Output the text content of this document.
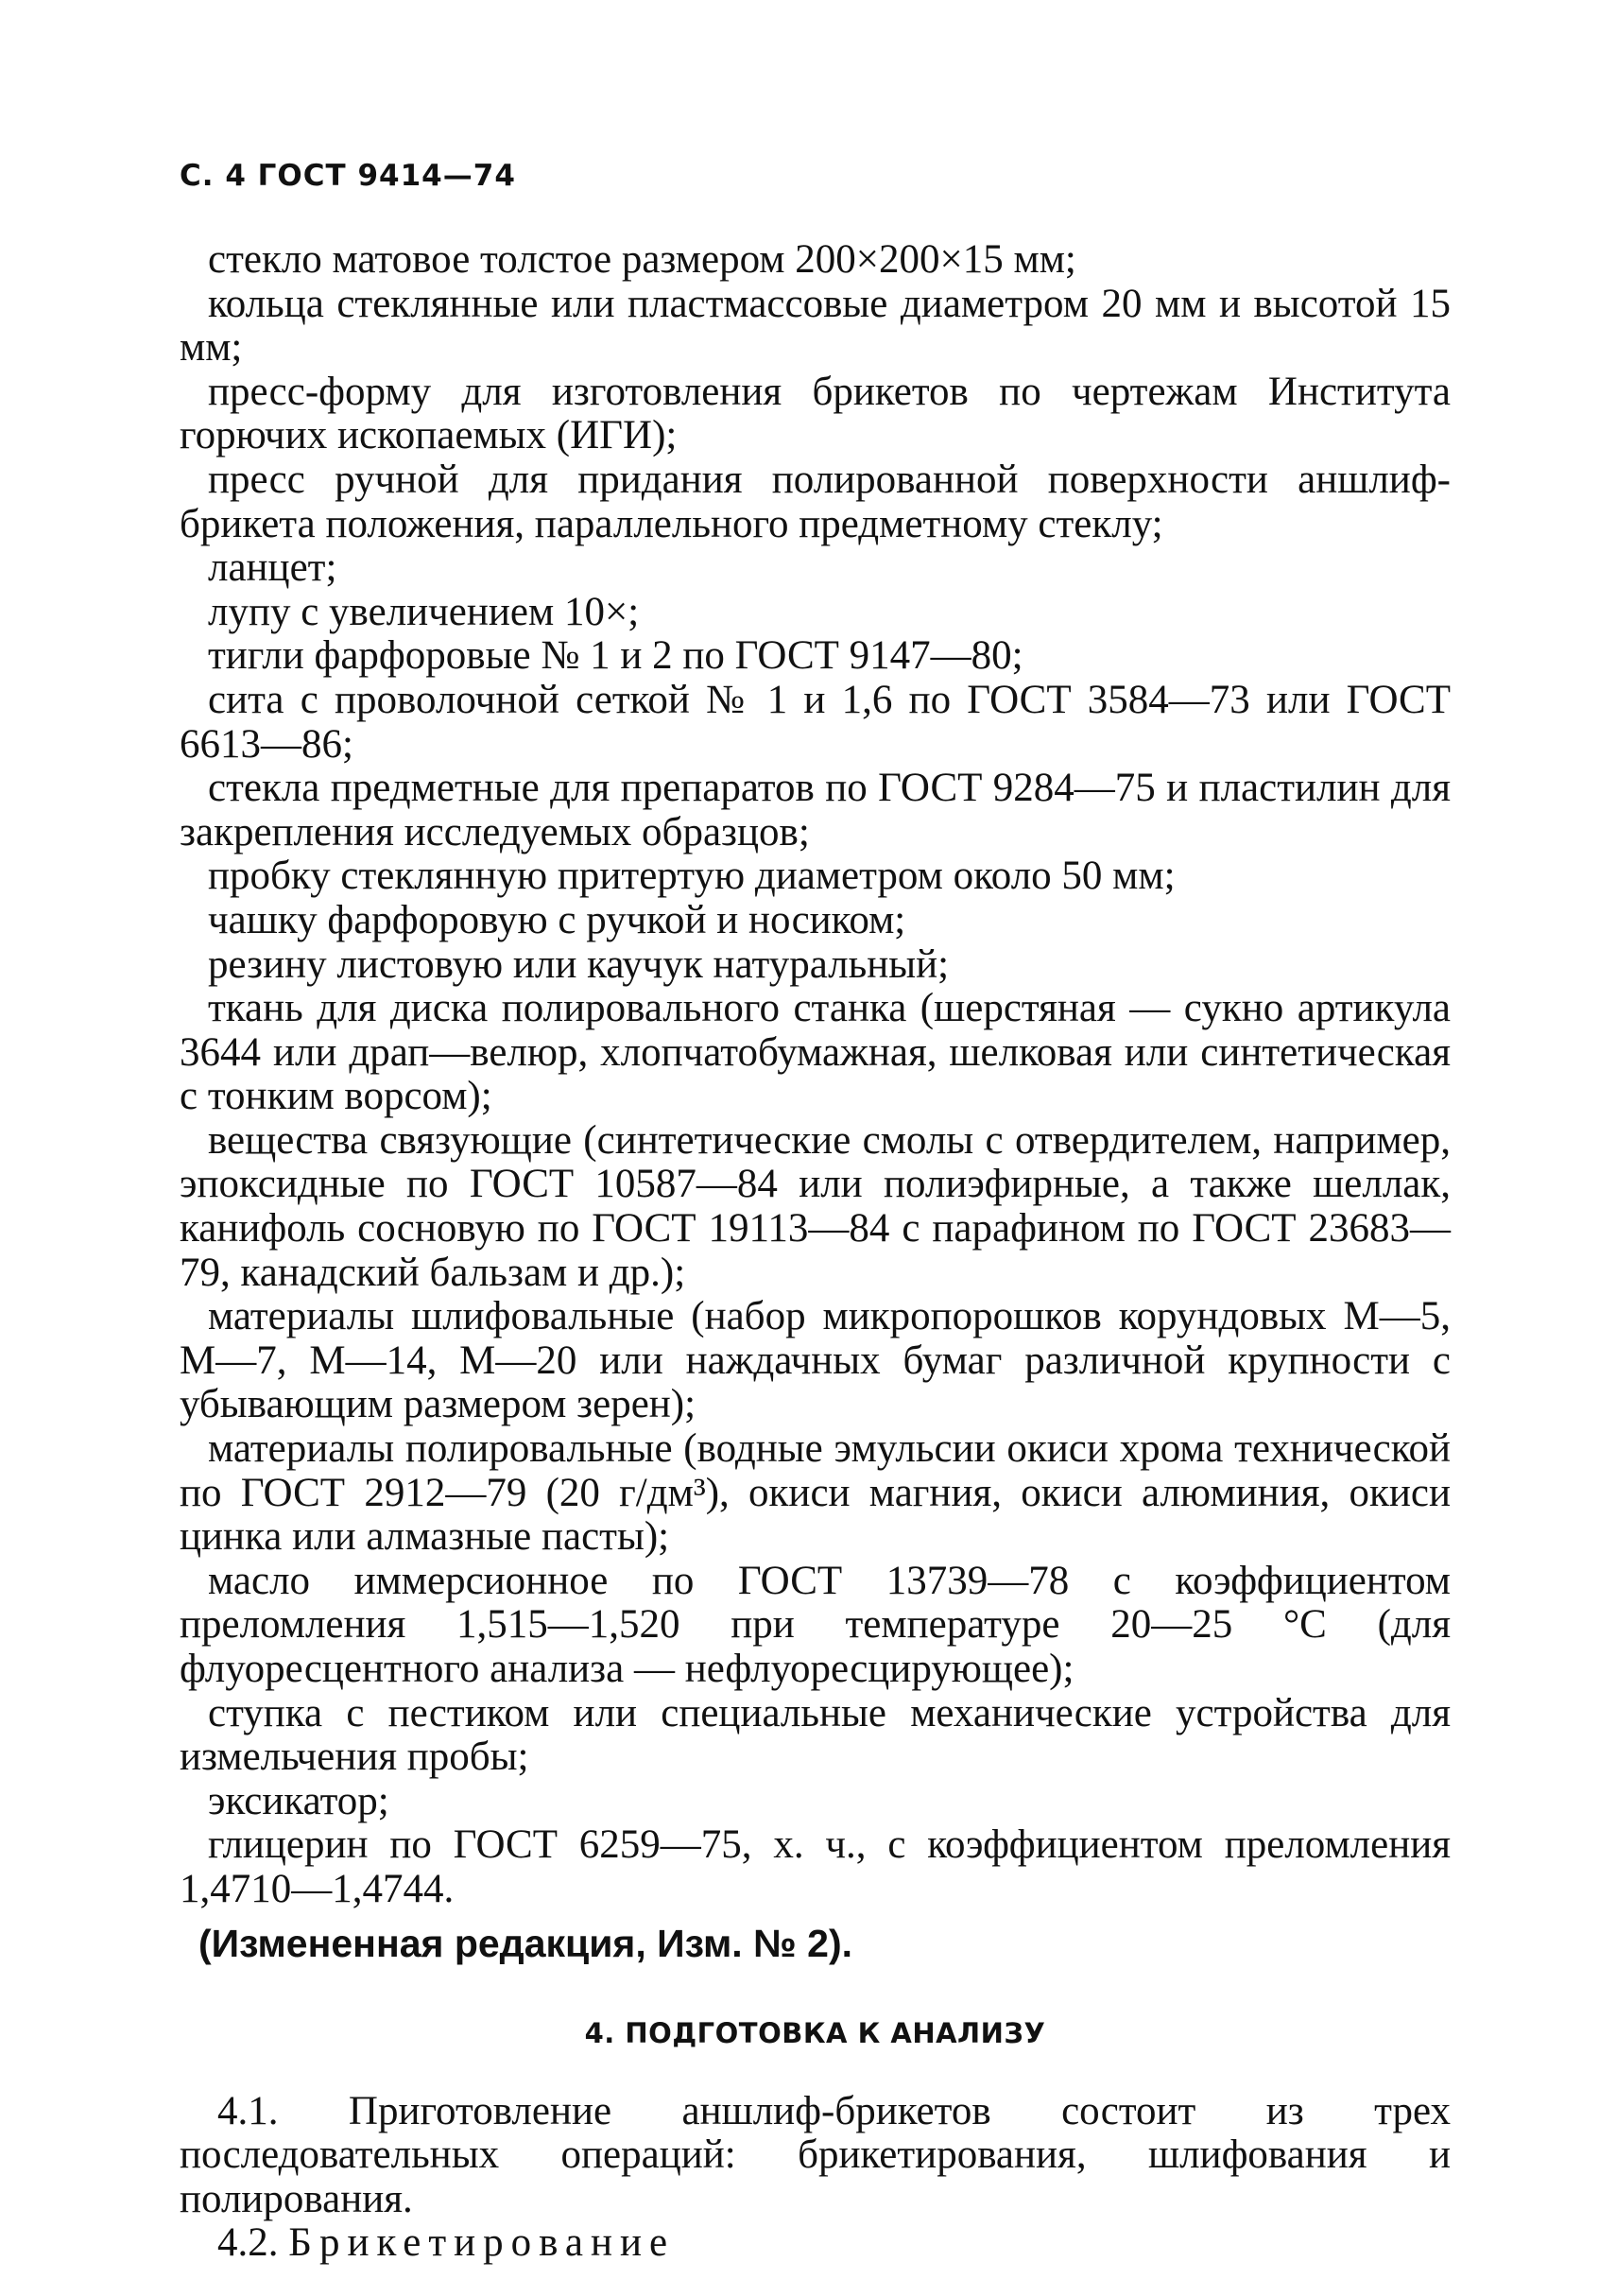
С. 4 ГОСТ 9414—74

стекло матовое толстое размером 200×200×15 мм;

кольца стеклянные или пластмассовые диаметром 20 мм и высотой 15 мм;

пресс-форму для изготовления брикетов по чертежам Института горючих ископаемых (ИГИ);

пресс ручной для придания полированной поверхности аншлиф-брикета положения, параллельного предметному стеклу;

ланцет;

лупу с увеличением 10×;

тигли фарфоровые № 1 и 2 по ГОСТ 9147—80;

сита с проволочной сеткой № 1 и 1,6 по ГОСТ 3584—73 или ГОСТ 6613—86;

стекла предметные для препаратов по ГОСТ 9284—75 и пластилин для закрепления исследуемых образцов;

пробку стеклянную притертую диаметром около 50 мм;

чашку фарфоровую с ручкой и носиком;

резину листовую или каучук натуральный;

ткань для диска полировального станка (шерстяная — сукно артикула 3644 или драп—велюр, хлопчатобумажная, шелковая или синтетическая с тонким ворсом);

вещества связующие (синтетические смолы с отвердителем, например, эпоксидные по ГОСТ 10587—84 или полиэфирные, а также шеллак, канифоль сосновую по ГОСТ 19113—84 с парафином по ГОСТ 23683—79, канадский бальзам и др.);

материалы шлифовальные (набор микропорошков корундовых М—5, М—7, М—14, М—20 или наждачных бумаг различной крупности с убывающим размером зерен);

материалы полировальные (водные эмульсии окиси хрома технической по ГОСТ 2912—79 (20 г/дм³), окиси магния, окиси алюминия, окиси цинка или алмазные пасты);

масло иммерсионное по ГОСТ 13739—78 с коэффициентом преломления 1,515—1,520 при температуре 20—25 °С (для флуоресцентного анализа — нефлуоресцирующее);

ступка с пестиком или специальные механические устройства для измельчения пробы;

эксикатор;

глицерин по ГОСТ 6259—75, х. ч., с коэффициентом преломления 1,4710—1,4744.

(Измененная редакция, Изм. № 2).
4. ПОДГОТОВКА К АНАЛИЗУ

4.1. Приготовление аншлиф-брикетов состоит из трех последовательных операций: брикетирования, шлифования и полирования.

4.2. Брикетирование
